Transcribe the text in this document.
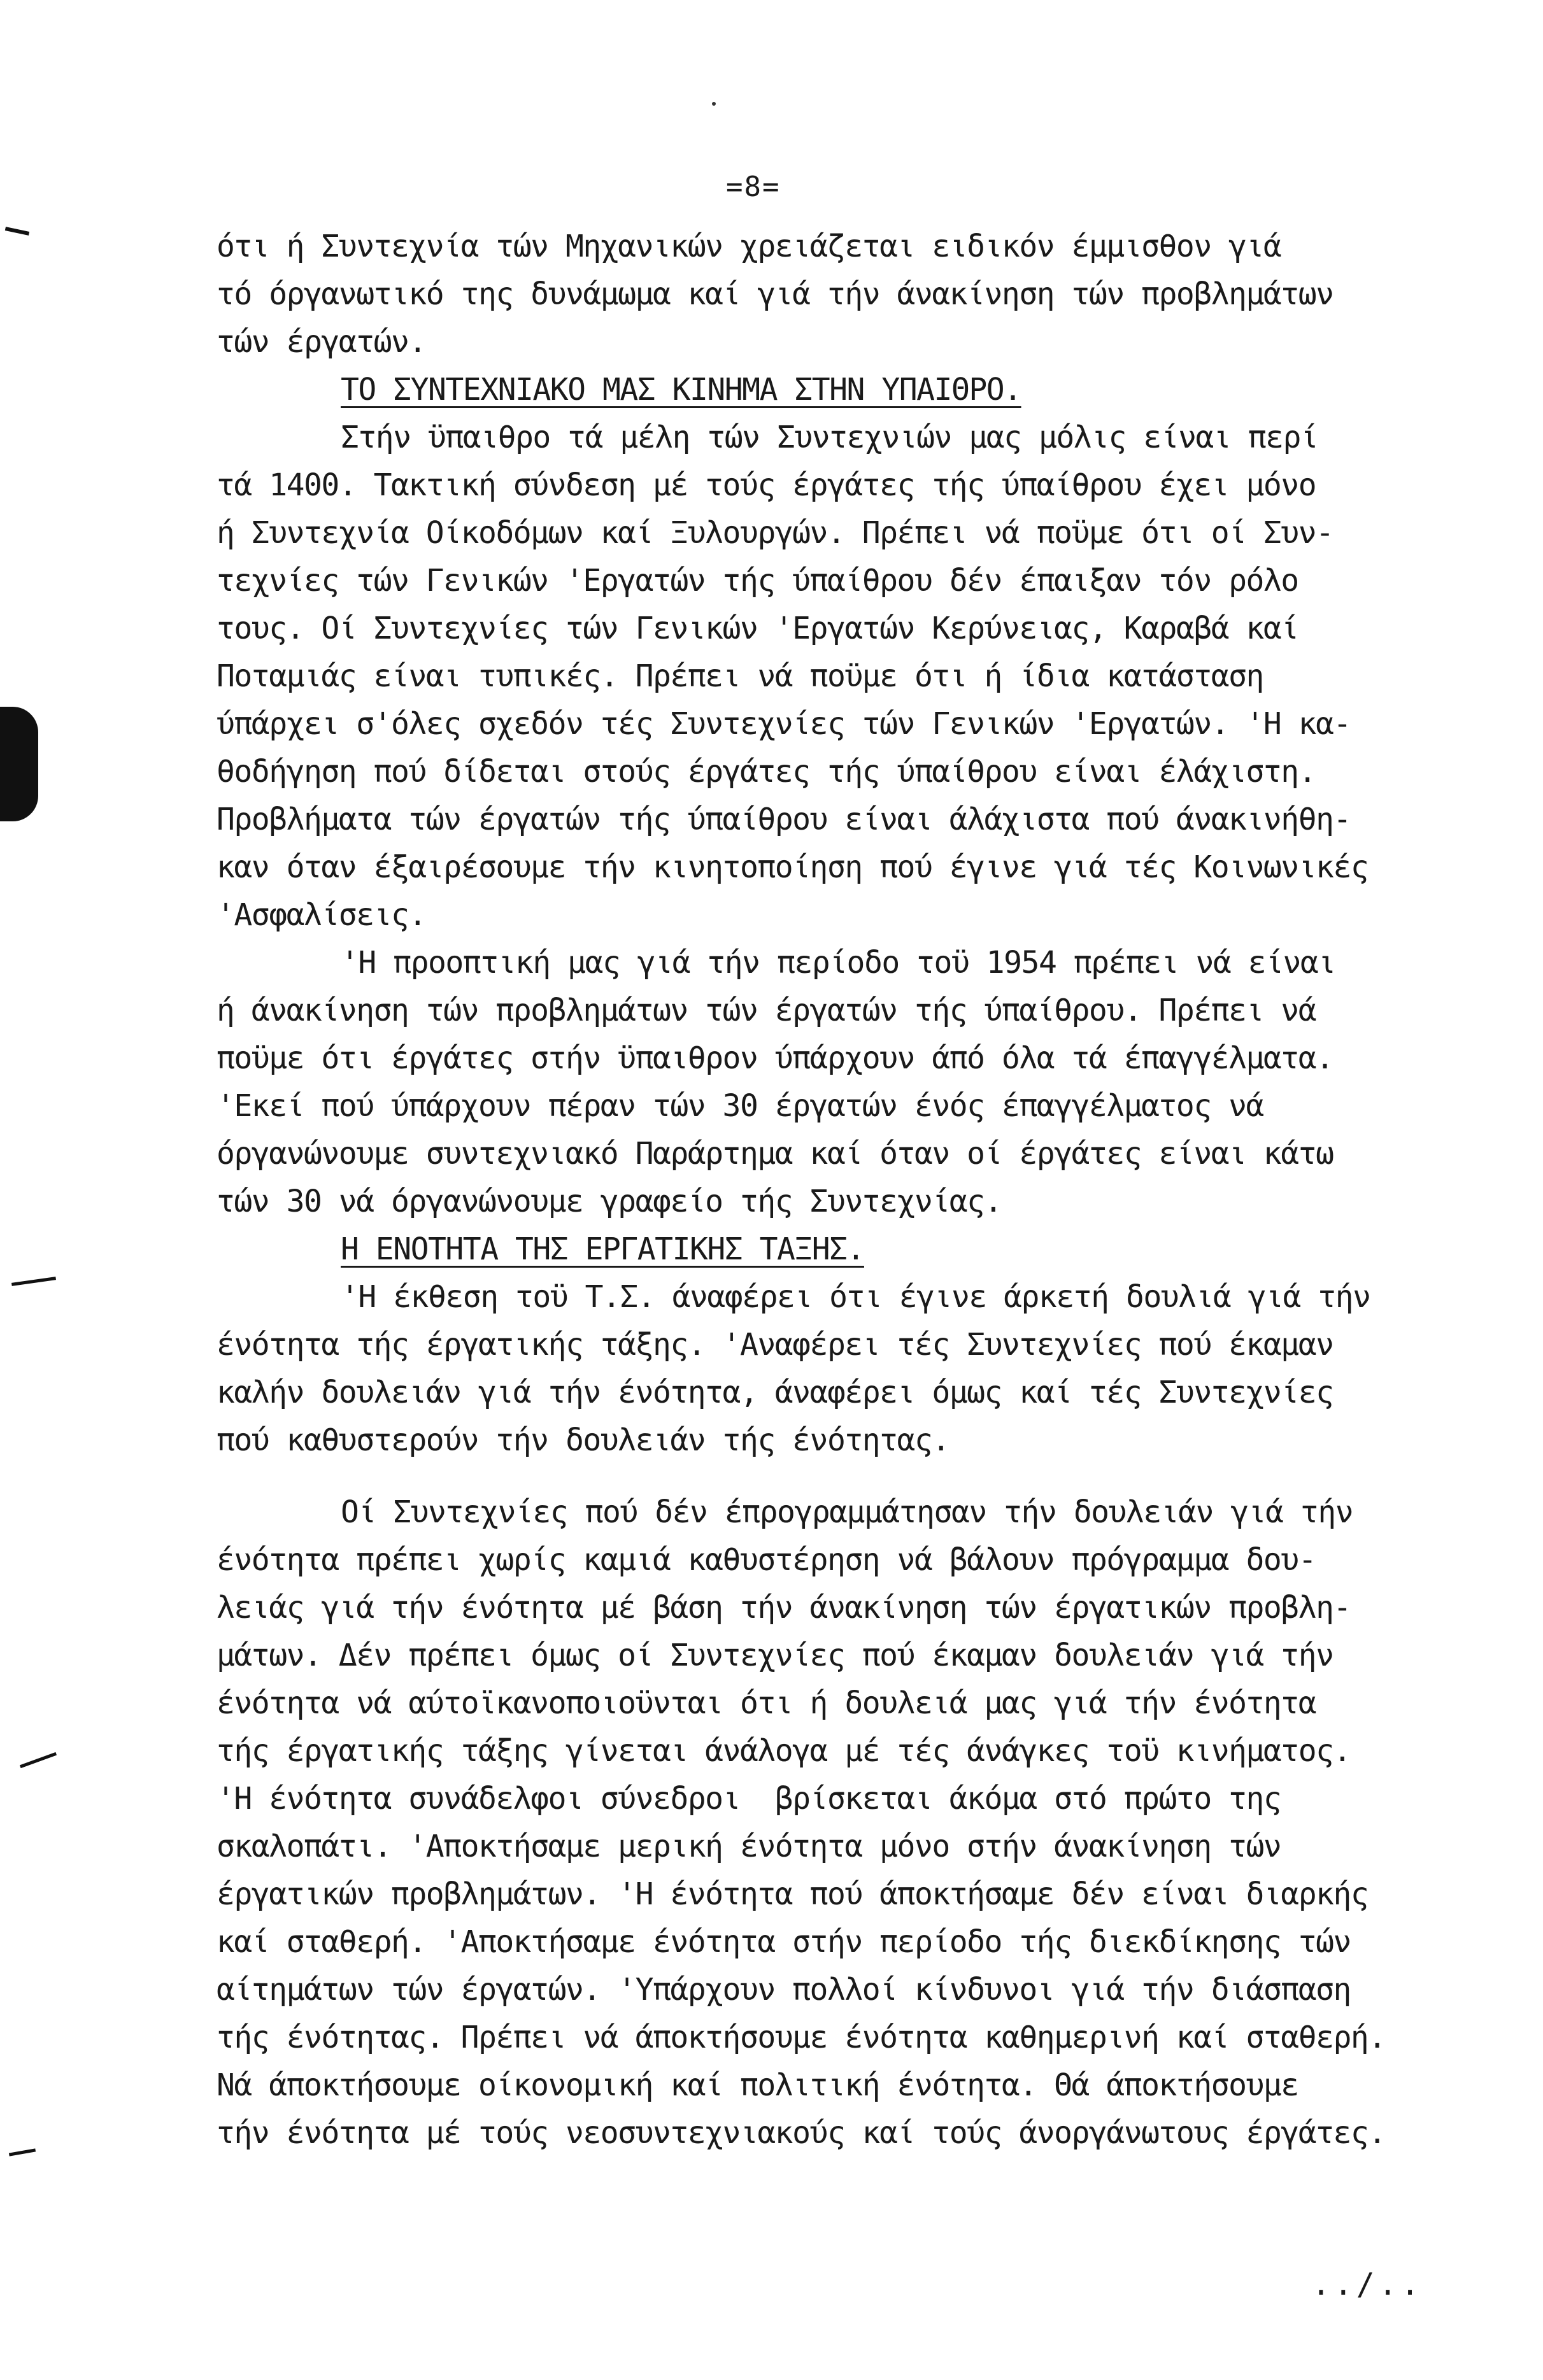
=8=
ότι ή Συντεχνία τών Μηχανικών χρειάζεται ειδικόν έμμισθον γιά
τό όργανωτικό της δυνάμωμα καί γιά τήν άνακίνηση τών προβλημάτων
τών έργατών.
ΤΟ ΣΥΝΤΕΧΝΙΑΚΟ ΜΑΣ ΚΙΝΗΜΑ ΣΤΗΝ ΥΠΑΙΘΡΟ.
Στήν ϋπαιθρο τά μέλη τών Συντεχνιών μας μόλις είναι περί
τά 1400. Τακτική σύνδεση μέ τούς έργάτες τής ύπαίθρου έχει μόνο
ή Συντεχνία Οίκοδόμων καί Ξυλουργών. Πρέπει νά ποϋμε ότι οί Συν-
τεχνίες τών Γενικών 'Εργατών τής ύπαίθρου δέν έπαιξαν τόν ρόλο
τους. Οί Συντεχνίες τών Γενικών 'Εργατών Κερύνειας, Καραβά καί
Ποταμιάς είναι τυπικές. Πρέπει νά ποϋμε ότι ή ίδια κατάσταση
ύπάρχει σ'όλες σχεδόν τές Συντεχνίες τών Γενικών 'Εργατών. 'Η κα-
θοδήγηση πού δίδεται στούς έργάτες τής ύπαίθρου είναι έλάχιστη.
Προβλήματα τών έργατών τής ύπαίθρου είναι άλάχιστα πού άνακινήθη-
καν όταν έξαιρέσουμε τήν κινητοποίηση πού έγινε γιά τές Κοινωνικές
'Ασφαλίσεις.
'Η προοπτική μας γιά τήν περίοδο τοϋ 1954 πρέπει νά είναι
ή άνακίνηση τών προβλημάτων τών έργατών τής ύπαίθρου. Πρέπει νά
ποϋμε ότι έργάτες στήν ϋπαιθρον ύπάρχουν άπό όλα τά έπαγγέλματα.
'Εκεί πού ύπάρχουν πέραν τών 30 έργατών ένός έπαγγέλματος νά
όργανώνουμε συντεχνιακό Παράρτημα καί όταν οί έργάτες είναι κάτω
τών 30 νά όργανώνουμε γραφείο τής Συντεχνίας.
Η ΕΝΟΤΗΤΑ ΤΗΣ ΕΡΓΑΤΙΚΗΣ ΤΑΞΗΣ.
'Η έκθεση τοϋ Τ.Σ. άναφέρει ότι έγινε άρκετή δουλιά γιά τήν
ένότητα τής έργατικής τάξης. 'Αναφέρει τές Συντεχνίες πού έκαμαν
καλήν δουλειάν γιά τήν ένότητα, άναφέρει όμως καί τές Συντεχνίες
πού καθυστερούν τήν δουλειάν τής ένότητας.
Οί Συντεχνίες πού δέν έπρογραμμάτησαν τήν δουλειάν γιά τήν
ένότητα πρέπει χωρίς καμιά καθυστέρηση νά βάλουν πρόγραμμα δου-
λειάς γιά τήν ένότητα μέ βάση τήν άνακίνηση τών έργατικών προβλη-
μάτων. Δέν πρέπει όμως οί Συντεχνίες πού έκαμαν δουλειάν γιά τήν
ένότητα νά αύτοϊκανοποιοϋνται ότι ή δουλειά μας γιά τήν ένότητα
τής έργατικής τάξης γίνεται άνάλογα μέ τές άνάγκες τοϋ κινήματος.
'Η ένότητα συνάδελφοι σύνεδροι  βρίσκεται άκόμα στό πρώτο της
σκαλοπάτι. 'Αποκτήσαμε μερική ένότητα μόνο στήν άνακίνηση τών
έργατικών προβλημάτων. 'Η ένότητα πού άποκτήσαμε δέν είναι διαρκής
καί σταθερή. 'Αποκτήσαμε ένότητα στήν περίοδο τής διεκδίκησης τών
αίτημάτων τών έργατών. 'Υπάρχουν πολλοί κίνδυνοι γιά τήν διάσπαση
τής ένότητας. Πρέπει νά άποκτήσουμε ένότητα καθημερινή καί σταθερή.
Νά άποκτήσουμε οίκονομική καί πολιτική ένότητα. Θά άποκτήσουμε
τήν ένότητα μέ τούς νεοσυντεχνιακούς καί τούς άνοργάνωτους έργάτες.
../..
